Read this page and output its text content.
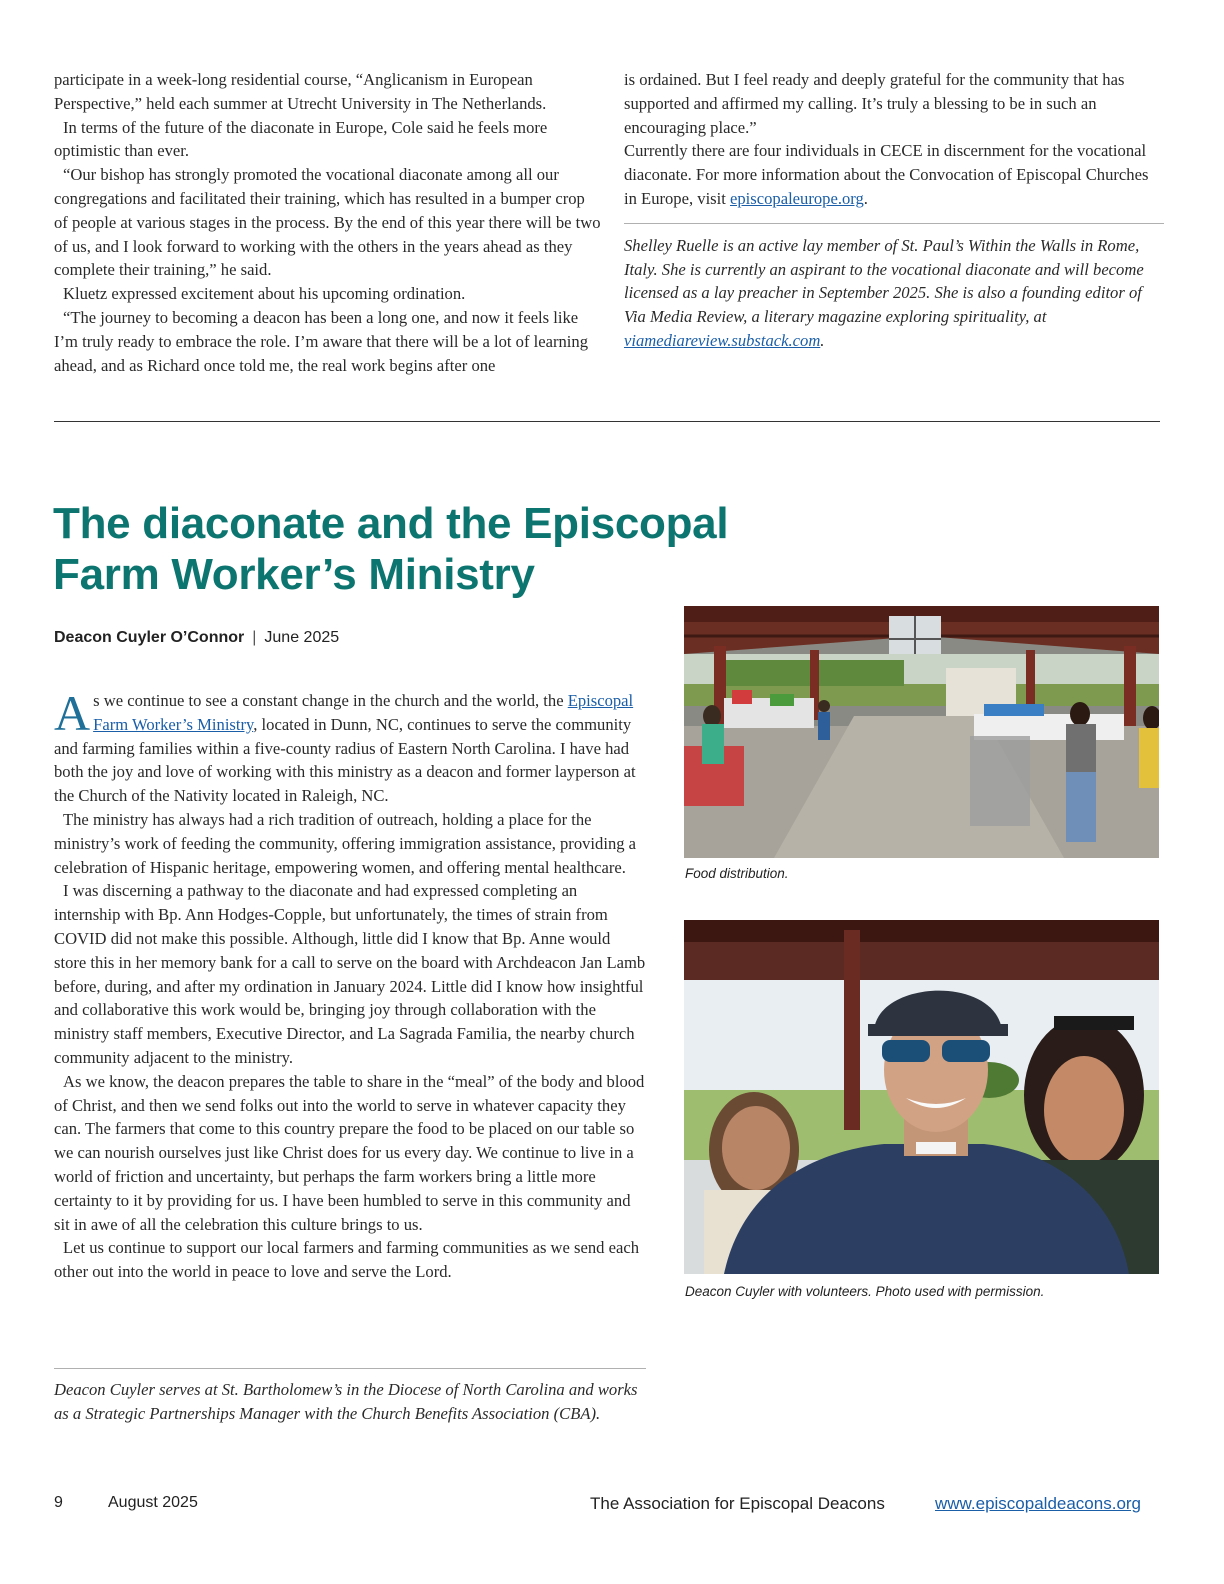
participate in a week-long residential course, “Anglicanism in European Perspective,” held each summer at Utrecht University in The Netherlands.

In terms of the future of the diaconate in Europe, Cole said he feels more optimistic than ever.

“Our bishop has strongly promoted the vocational diaconate among all our congregations and facilitated their training, which has resulted in a bumper crop of people at various stages in the process. By the end of this year there will be two of us, and I look forward to working with the others in the years ahead as they complete their training,” he said.

Kluetz expressed excitement about his upcoming ordination.

“The journey to becoming a deacon has been a long one, and now it feels like I’m truly ready to embrace the role. I’m aware that there will be a lot of learning ahead, and as Richard once told me, the real work begins after one

is ordained. But I feel ready and deeply grateful for the community that has supported and affirmed my calling. It’s truly a blessing to be in such an encouraging place.”

Currently there are four individuals in CECE in discernment for the vocational diaconate. For more information about the Convocation of Episcopal Churches in Europe, visit episcopaleurope.org.

Shelley Ruelle is an active lay member of St. Paul’s Within the Walls in Rome, Italy. She is currently an aspirant to the vocational diaconate and will become licensed as a lay preacher in September 2025. She is also a founding editor of Via Media Review, a literary magazine exploring spirituality, at viamediareview.substack.com.

The diaconate and the Episcopal Farm Worker’s Ministry
Deacon Cuyler O’Connor | June 2025

As we continue to see a constant change in the church and the world, the Episcopal Farm Worker’s Ministry, located in Dunn, NC, continues to serve the community and farming families within a five-county radius of Eastern North Carolina. I have had both the joy and love of working with this ministry as a deacon and former layperson at the Church of the Nativity located in Raleigh, NC.

The ministry has always had a rich tradition of outreach, holding a place for the ministry’s work of feeding the community, offering immigration assistance, providing a celebration of Hispanic heritage, empowering women, and offering mental healthcare.

I was discerning a pathway to the diaconate and had expressed completing an internship with Bp. Ann Hodges-Copple, but unfortunately, the times of strain from COVID did not make this possible. Although, little did I know that Bp. Anne would store this in her memory bank for a call to serve on the board with Archdeacon Jan Lamb before, during, and after my ordination in January 2024. Little did I know how insightful and collaborative this work would be, bringing joy through collaboration with the ministry staff members, Executive Director, and La Sagrada Familia, the nearby church community adjacent to the ministry.

As we know, the deacon prepares the table to share in the “meal” of the body and blood of Christ, and then we send folks out into the world to serve in whatever capacity they can. The farmers that come to this country prepare the food to be placed on our table so we can nourish ourselves just like Christ does for us every day. We continue to live in a world of friction and uncertainty, but perhaps the farm workers bring a little more certainty to it by providing for us. I have been humbled to serve in this community and sit in awe of all the celebration this culture brings to us.

Let us continue to support our local farmers and farming communities as we send each other out into the world in peace to love and serve the Lord.

Deacon Cuyler serves at St. Bartholomew’s in the Diocese of North Carolina and works as a Strategic Partnerships Manager with the Church Benefits Association (CBA).

Food distribution.
Deacon Cuyler with volunteers. Photo used with permission.
9	August 2025	The Association for Episcopal Deacons	www.episcopaldeacons.org
